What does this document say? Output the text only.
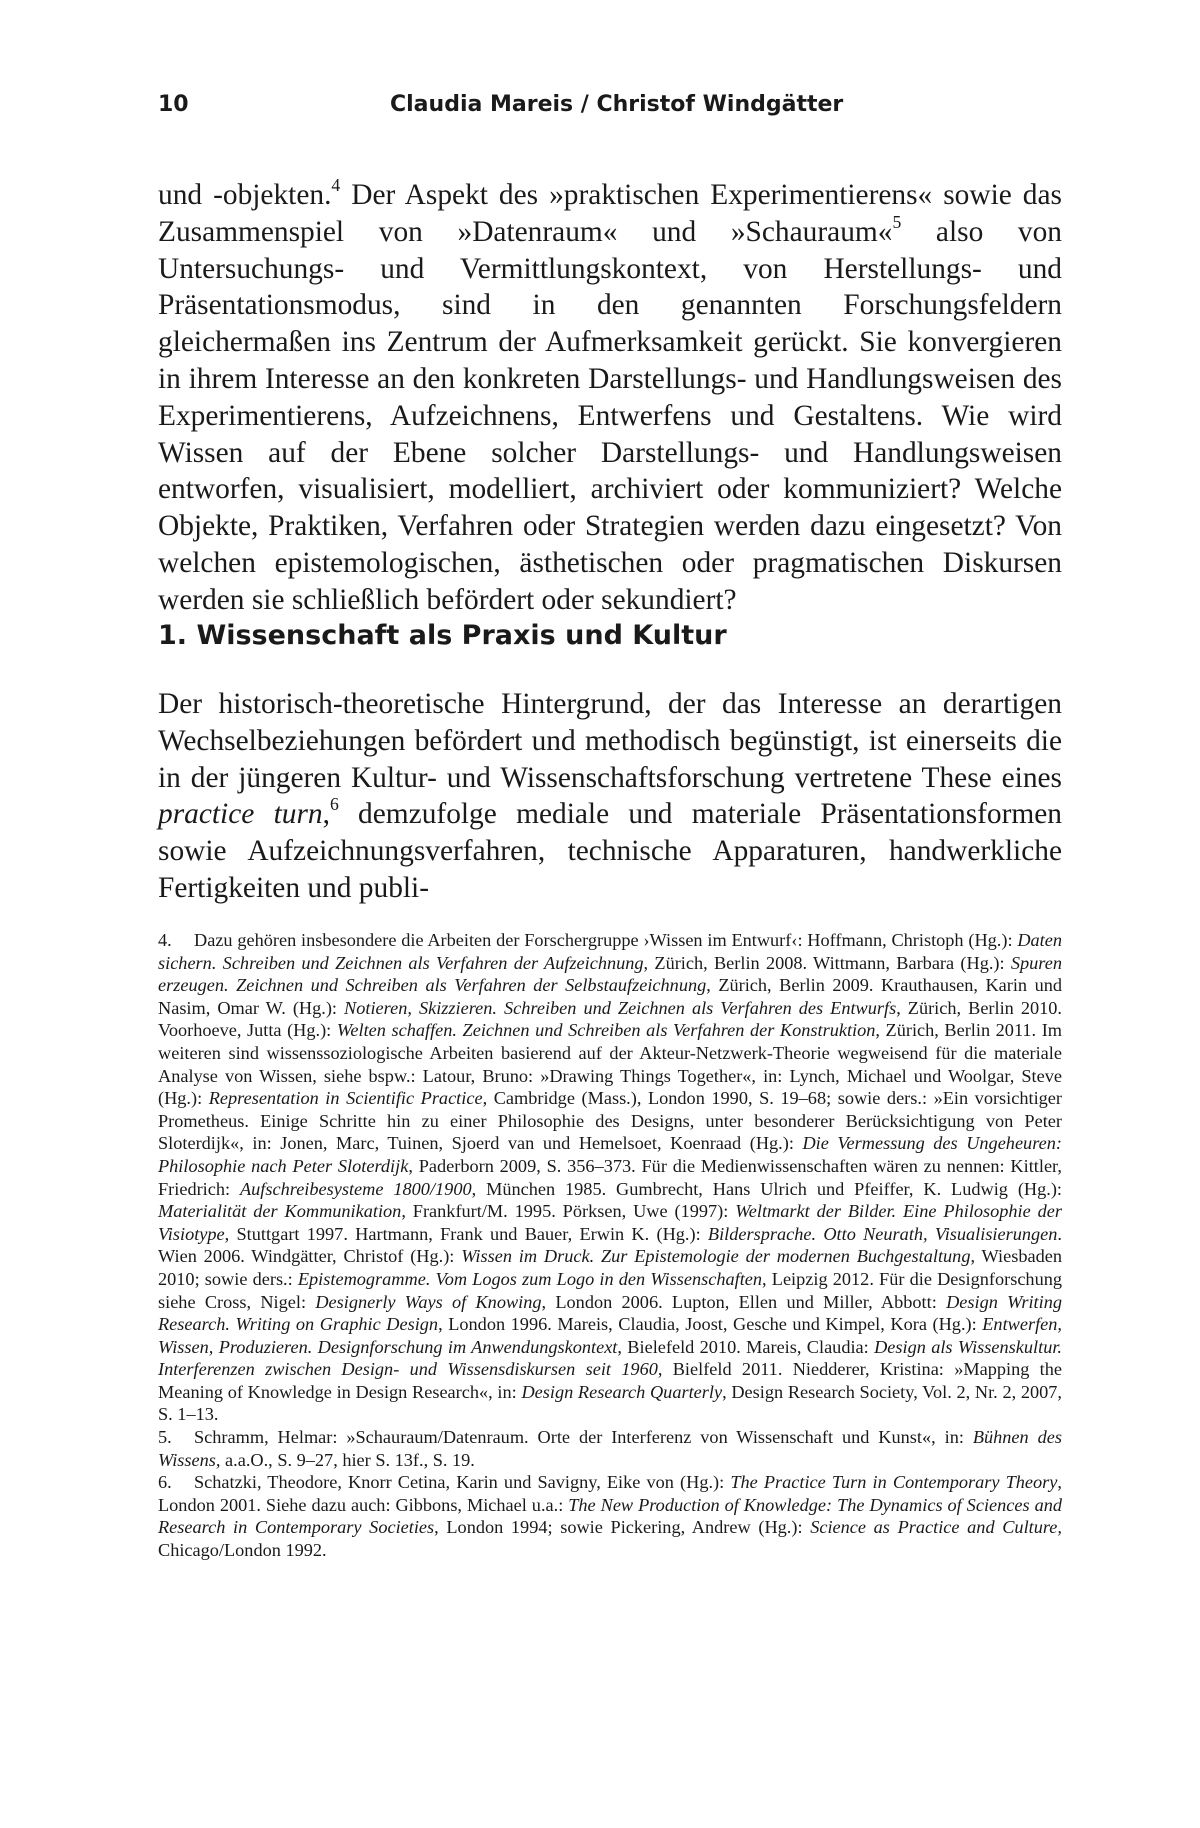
10	Claudia Mareis / Christof Windgätter

und -objekten.$^4$ Der Aspekt des »praktischen Experimentierens« sowie das Zusammenspiel von »Datenraum« und »Schauraum«$^5$ also von Untersuchungs- und Vermittlungskontext, von Herstellungs- und Präsentationsmodus, sind in den genannten Forschungsfeldern gleichermaßen ins Zentrum der Aufmerksamkeit gerückt. Sie konvergieren in ihrem Interesse an den konkreten Darstellungs- und Handlungsweisen des Experimentierens, Aufzeichnens, Entwerfens und Gestaltens. Wie wird Wissen auf der Ebene solcher Darstellungs- und Handlungsweisen entworfen, visualisiert, modelliert, archiviert oder kommuniziert? Welche Objekte, Praktiken, Verfahren oder Strategien werden dazu eingesetzt? Von welchen epistemologischen, ästhetischen oder pragmatischen Diskursen werden sie schließlich befördert oder sekundiert?

1. Wissenschaft als Praxis und Kultur

Der historisch-theoretische Hintergrund, der das Interesse an derartigen Wechselbeziehungen befördert und methodisch begünstigt, ist einerseits die in der jüngeren Kultur- und Wissenschaftsforschung vertretene These eines practice turn,$^6$ demzufolge mediale und materiale Präsentationsformen sowie Aufzeichnungsverfahren, technische Apparaturen, handwerkliche Fertigkeiten und publi-

4. Dazu gehören insbesondere die Arbeiten der Forschergruppe ›Wissen im Entwurf‹: Hoffmann, Christoph (Hg.): Daten sichern. Schreiben und Zeichnen als Verfahren der Aufzeichnung, Zürich, Berlin 2008. Wittmann, Barbara (Hg.): Spuren erzeugen. Zeichnen und Schreiben als Verfahren der Selbstaufzeichnung, Zürich, Berlin 2009. Krauthausen, Karin und Nasim, Omar W. (Hg.): Notieren, Skizzieren. Schreiben und Zeichnen als Verfahren des Entwurfs, Zürich, Berlin 2010. Voorhoeve, Jutta (Hg.): Welten schaffen. Zeichnen und Schreiben als Verfahren der Konstruktion, Zürich, Berlin 2011. Im weiteren sind wissenssoziologische Arbeiten basierend auf der Akteur-Netzwerk-Theorie wegweisend für die materiale Analyse von Wissen, siehe bspw.: Latour, Bruno: »Drawing Things Together«, in: Lynch, Michael und Woolgar, Steve (Hg.): Representation in Scientific Practice, Cambridge (Mass.), London 1990, S. 19–68; sowie ders.: »Ein vorsichtiger Prometheus. Einige Schritte hin zu einer Philosophie des Designs, unter besonderer Berücksichtigung von Peter Sloterdijk«, in: Jonen, Marc, Tuinen, Sjoerd van und Hemelsoet, Koenraad (Hg.): Die Vermessung des Ungeheuren: Philosophie nach Peter Sloterdijk, Paderborn 2009, S. 356–373. Für die Medienwissenschaften wären zu nennen: Kittler, Friedrich: Aufschreibesysteme 1800/1900, München 1985. Gumbrecht, Hans Ulrich und Pfeiffer, K. Ludwig (Hg.): Materialität der Kommunikation, Frankfurt/M. 1995. Pörksen, Uwe (1997): Weltmarkt der Bilder. Eine Philosophie der Visiotype, Stuttgart 1997. Hartmann, Frank und Bauer, Erwin K. (Hg.): Bildersprache. Otto Neurath, Visualisierungen. Wien 2006. Windgätter, Christof (Hg.): Wissen im Druck. Zur Epistemologie der modernen Buchgestaltung, Wiesbaden 2010; sowie ders.: Epistemogramme. Vom Logos zum Logo in den Wissenschaften, Leipzig 2012. Für die Designforschung siehe Cross, Nigel: Designerly Ways of Knowing, London 2006. Lupton, Ellen und Miller, Abbott: Design Writing Research. Writing on Graphic Design, London 1996. Mareis, Claudia, Joost, Gesche und Kimpel, Kora (Hg.): Entwerfen, Wissen, Produzieren. Designforschung im Anwendungskontext, Bielefeld 2010. Mareis, Claudia: Design als Wissenskultur. Interferenzen zwischen Design- und Wissensdiskursen seit 1960, Bielfeld 2011. Niedderer, Kristina: »Mapping the Meaning of Knowledge in Design Research«, in: Design Research Quarterly, Design Research Society, Vol. 2, Nr. 2, 2007, S. 1–13.

5. Schramm, Helmar: »Schauraum/Datenraum. Orte der Interferenz von Wissenschaft und Kunst«, in: Bühnen des Wissens, a.a.O., S. 9–27, hier S. 13f., S. 19.

6. Schatzki, Theodore, Knorr Cetina, Karin und Savigny, Eike von (Hg.): The Practice Turn in Contemporary Theory, London 2001. Siehe dazu auch: Gibbons, Michael u.a.: The New Production of Knowledge: The Dynamics of Sciences and Research in Contemporary Societies, London 1994; sowie Pickering, Andrew (Hg.): Science as Practice and Culture, Chicago/London 1992.
